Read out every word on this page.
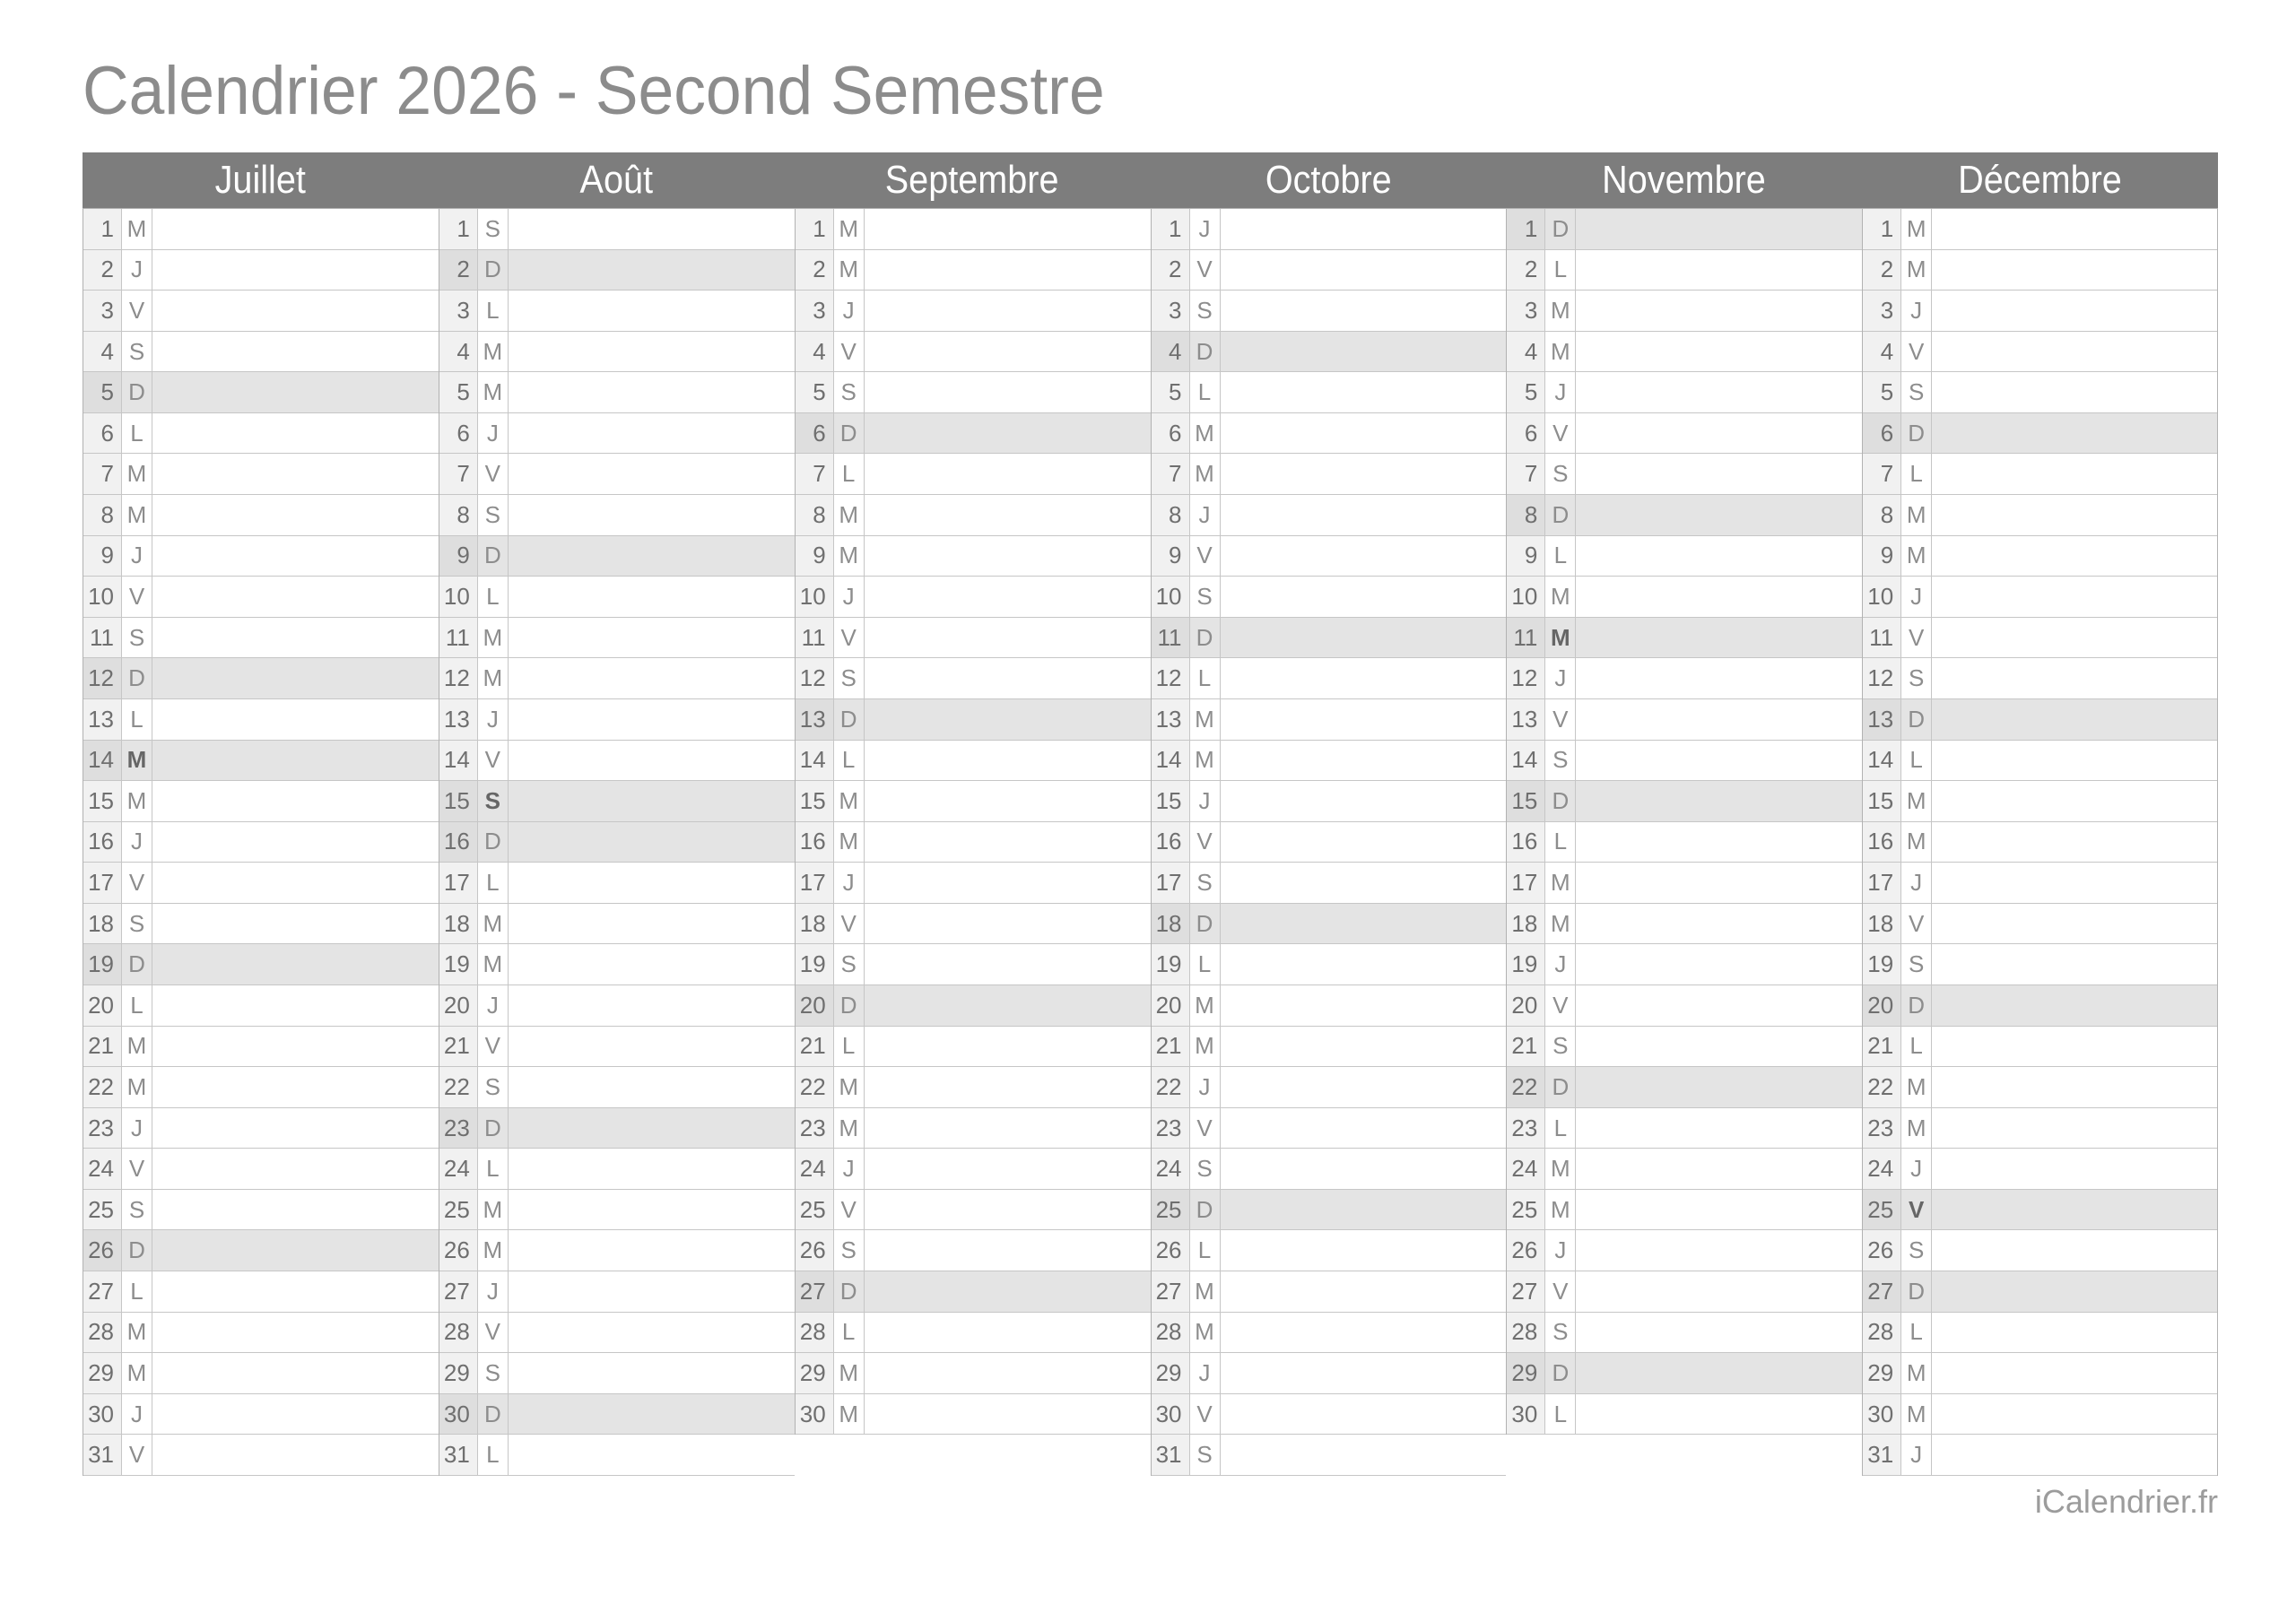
Calendrier 2026 - Second Semestre
Juillet
1 M
2 J
3 V
4 S
5 D
6 L
7 M
8 M
9 J
10 V
11 S
12 D
13 L
14 M
15 M
16 J
17 V
18 S
19 D
20 L
21 M
22 M
23 J
24 V
25 S
26 D
27 L
28 M
29 M
30 J
31 V
Août
1 S
2 D
3 L
4 M
5 M
6 J
7 V
8 S
9 D
10 L
11 M
12 M
13 J
14 V
15 S
16 D
17 L
18 M
19 M
20 J
21 V
22 S
23 D
24 L
25 M
26 M
27 J
28 V
29 S
30 D
31 L
Septembre
1 M
2 M
3 J
4 V
5 S
6 D
7 L
8 M
9 M
10 J
11 V
12 S
13 D
14 L
15 M
16 M
17 J
18 V
19 S
20 D
21 L
22 M
23 M
24 J
25 V
26 S
27 D
28 L
29 M
30 M
Octobre
1 J
2 V
3 S
4 D
5 L
6 M
7 M
8 J
9 V
10 S
11 D
12 L
13 M
14 M
15 J
16 V
17 S
18 D
19 L
20 M
21 M
22 J
23 V
24 S
25 D
26 L
27 M
28 M
29 J
30 V
31 S
Novembre
1 D
2 L
3 M
4 M
5 J
6 V
7 S
8 D
9 L
10 M
11 M
12 J
13 V
14 S
15 D
16 L
17 M
18 M
19 J
20 V
21 S
22 D
23 L
24 M
25 M
26 J
27 V
28 S
29 D
30 L
Décembre
1 M
2 M
3 J
4 V
5 S
6 D
7 L
8 M
9 M
10 J
11 V
12 S
13 D
14 L
15 M
16 M
17 J
18 V
19 S
20 D
21 L
22 M
23 M
24 J
25 V
26 S
27 D
28 L
29 M
30 M
31 J
iCalendrier.fr
